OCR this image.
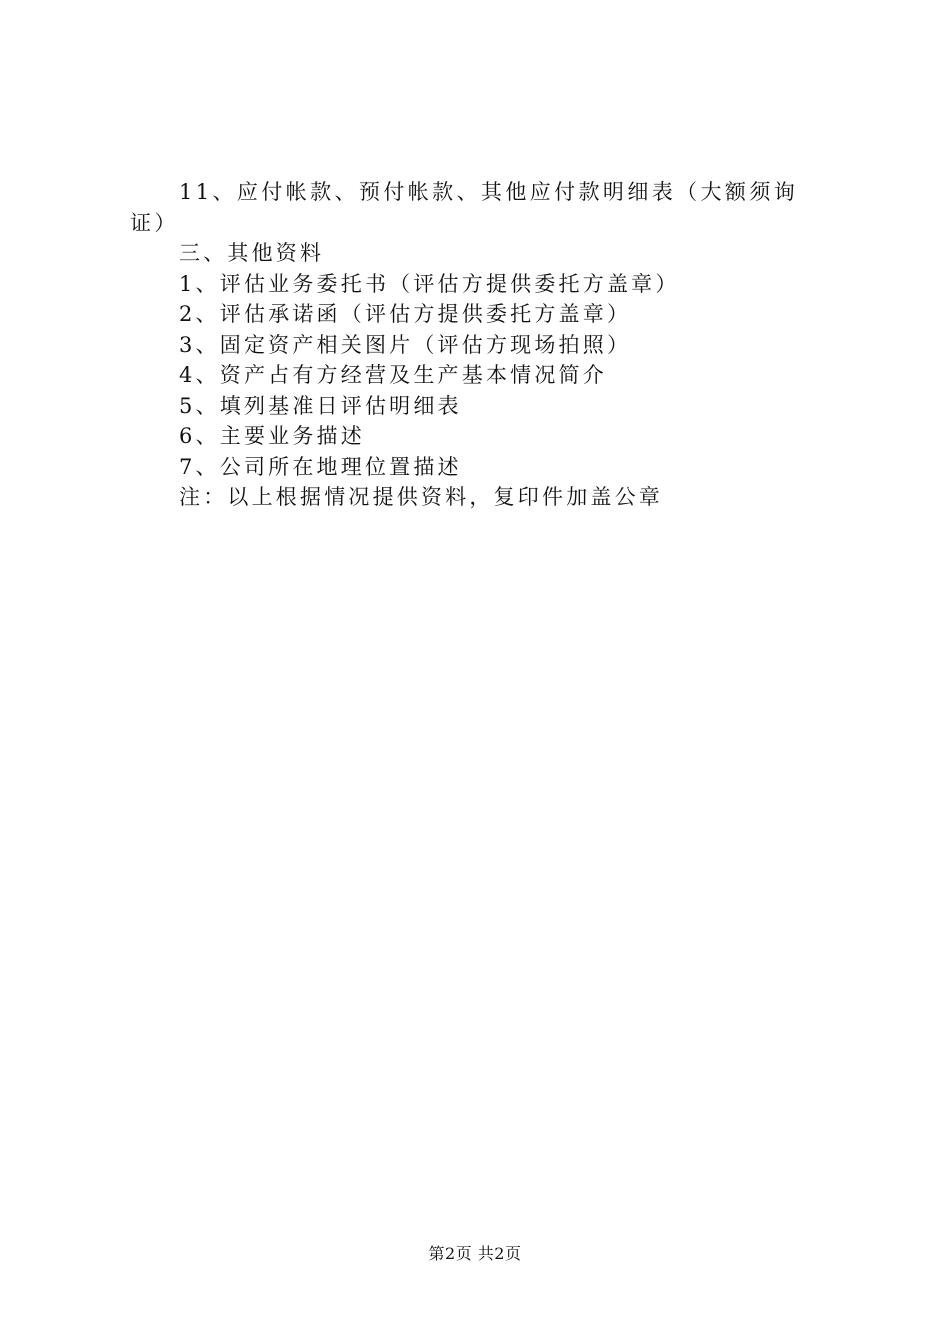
11、应付帐款、预付帐款、其他应付款明细表（大额须询证）
三、其他资料
1、评估业务委托书（评估方提供委托方盖章）
2、评估承诺函（评估方提供委托方盖章）
3、固定资产相关图片（评估方现场拍照）
4、资产占有方经营及生产基本情况简介
5、填列基准日评估明细表
6、主要业务描述
7、公司所在地理位置描述
注：以上根据情况提供资料，复印件加盖公章
第2页 共2页
